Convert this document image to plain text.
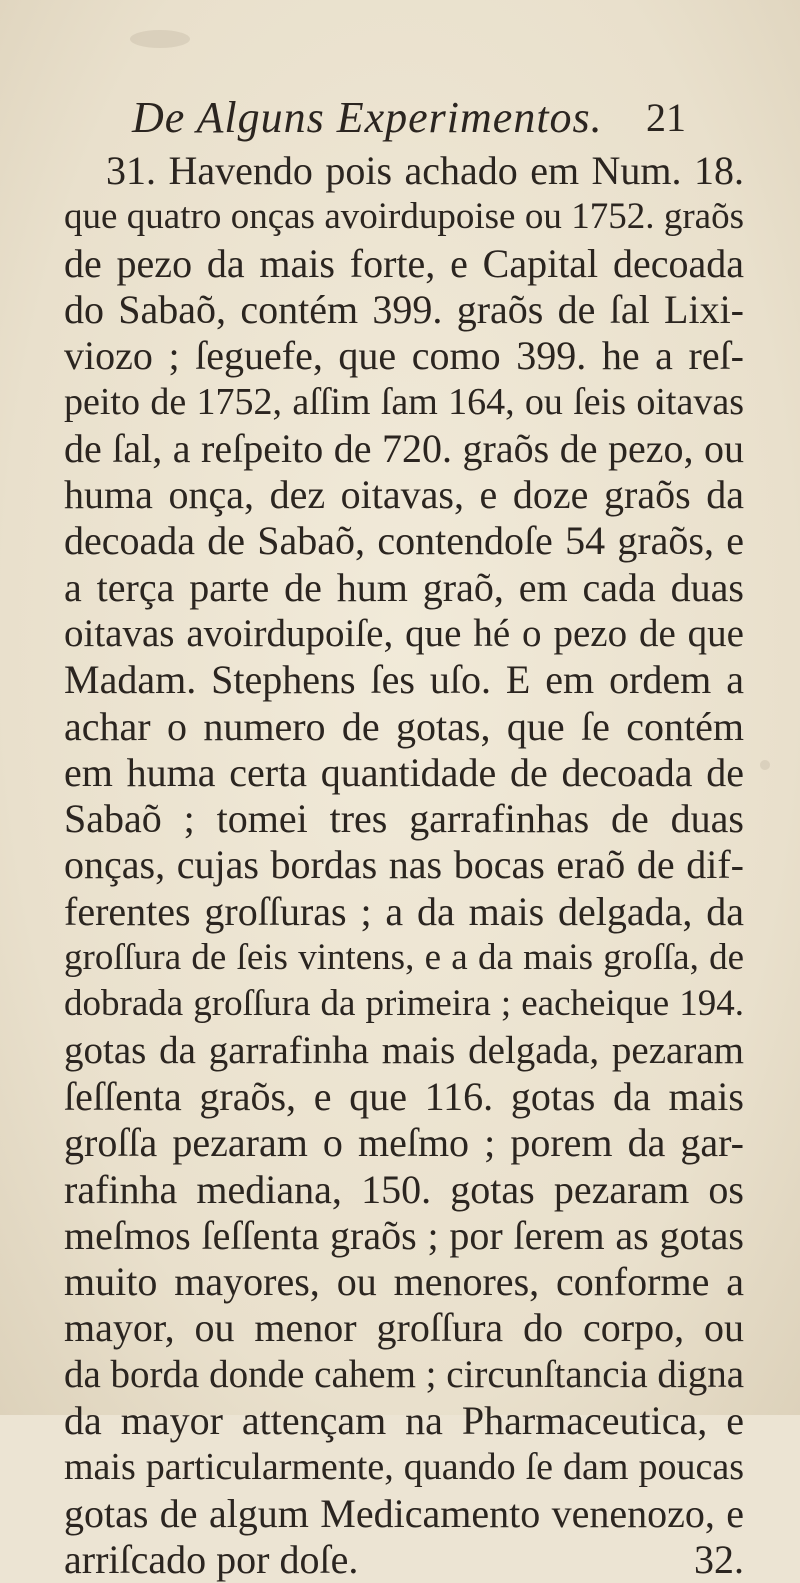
De Alguns Experimentos. 21
31. Havendo pois achado em Num. 18.
que quatro onças avoirdupoise ou 1752. graõs
de pezo da mais forte, e Capital decoada
do Sabaõ, contém 399. graõs de ſal Lixi-
viozo ; ſeguefe, que como 399. he a reſ-
peito de 1752, aſſim ſam 164, ou ſeis oitavas
de ſal, a reſpeito de 720. graõs de pezo, ou
huma onça, dez oitavas, e doze graõs da
decoada de Sabaõ, contendoſe 54 graõs, e
a terça parte de hum graõ, em cada duas
oitavas avoirdupoiſe, que hé o pezo de que
Madam. Stephens ſes uſo. E em ordem a
achar o numero de gotas, que ſe contém
em huma certa quantidade de decoada de
Sabaõ ; tomei tres garrafinhas de duas
onças, cujas bordas nas bocas eraõ de dif-
ferentes groſſuras ; a da mais delgada, da
groſſura de ſeis vintens, e a da mais groſſa, de
dobrada groſſura da primeira ; eacheique 194.
gotas da garrafinha mais delgada, pezaram
ſeſſenta graõs, e que 116. gotas da mais
groſſa pezaram o meſmo ; porem da gar-
rafinha mediana, 150. gotas pezaram os
meſmos ſeſſenta graõs ; por ſerem as gotas
muito mayores, ou menores, conforme a
mayor, ou menor groſſura do corpo, ou
da borda donde cahem ; circunſtancia digna
da mayor attençam na Pharmaceutica, e
mais particularmente, quando ſe dam poucas
gotas de algum Medicamento venenozo, e
arriſcado por doſe.	32.
